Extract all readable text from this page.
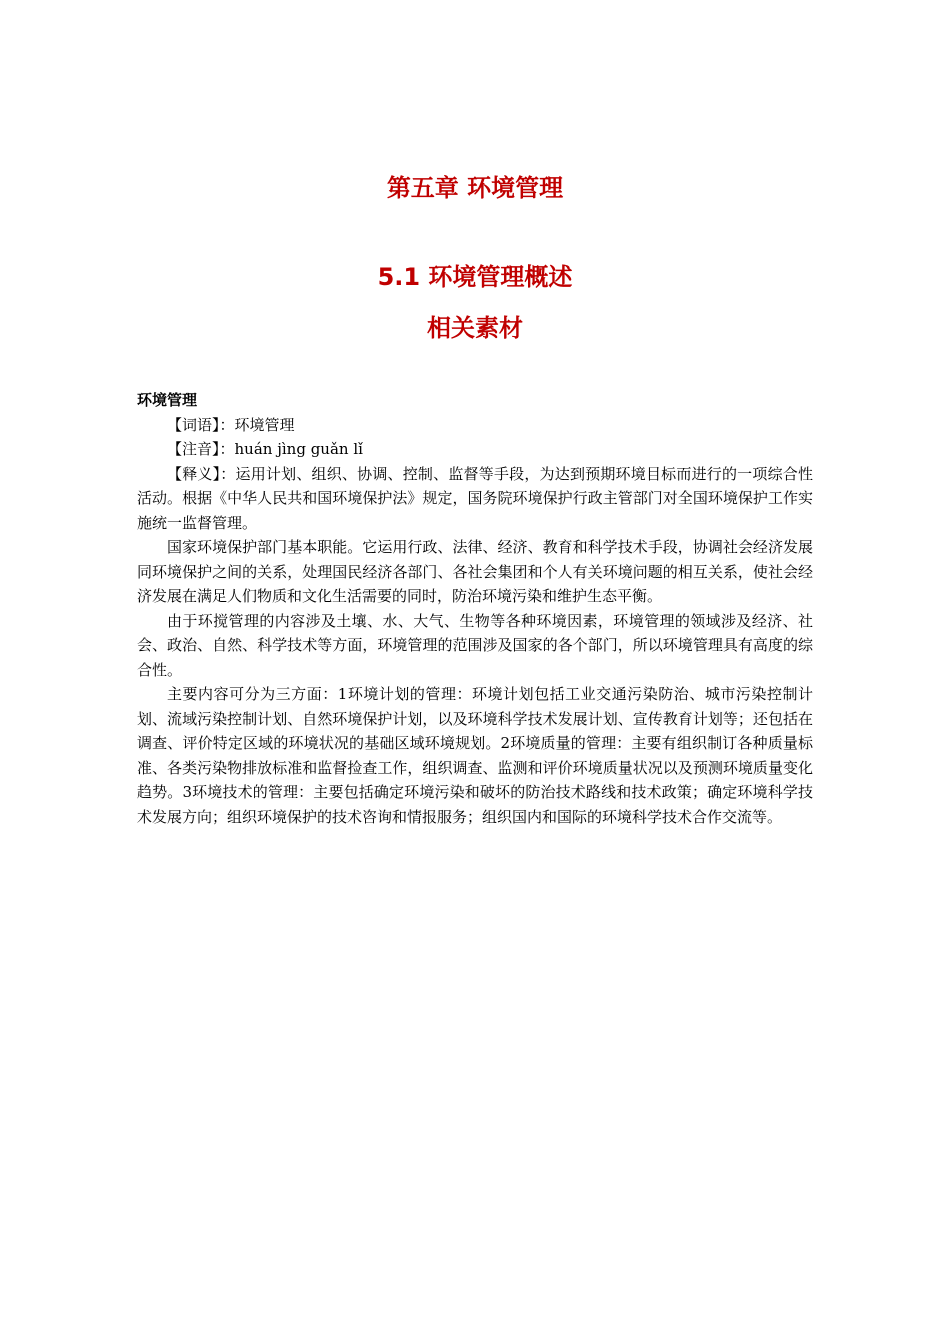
第五章 环境管理
5.1 环境管理概述
相关素材

环境管理

【词语】：环境管理

【注音】：huán jìng guǎn lǐ

【释义】：运用计划、组织、协调、控制、监督等手段，为达到预期环境目标而进行的一项综合性活动。根据《中华人民共和国环境保护法》规定，国务院环境保护行政主管部门对全国环境保护工作实施统一监督管理。

国家环境保护部门基本职能。它运用行政、法律、经济、教育和科学技术手段，协调社会经济发展同环境保护之间的关系，处理国民经济各部门、各社会集团和个人有关环境问题的相互关系，使社会经济发展在满足人们物质和文化生活需要的同时，防治环境污染和维护生态平衡。

由于环搅管理的内容涉及土壤、水、大气、生物等各种环境因素，环境管理的领域涉及经济、社会、政治、自然、科学技术等方面，环境管理的范围涉及国家的各个部门，所以环境管理具有高度的综合性。

主要内容可分为三方面：1环境计划的管理：环境计划包括工业交通污染防治、城市污染控制计划、流域污染控制计划、自然环境保护计划，以及环境科学技术发展计划、宣传教育计划等；还包括在调查、评价特定区域的环境状况的基础区域环境规划。2环境质量的管理：主要有组织制订各种质量标准、各类污染物排放标准和监督捡查工作，组织调查、监测和评价环境质量状况以及预测环境质量变化趋势。3环境技术的管理：主要包括确定环境污染和破坏的防治技术路线和技术政策；确定环境科学技术发展方向；组织环境保护的技术咨询和情报服务；组织国内和国际的环境科学技术合作交流等。
